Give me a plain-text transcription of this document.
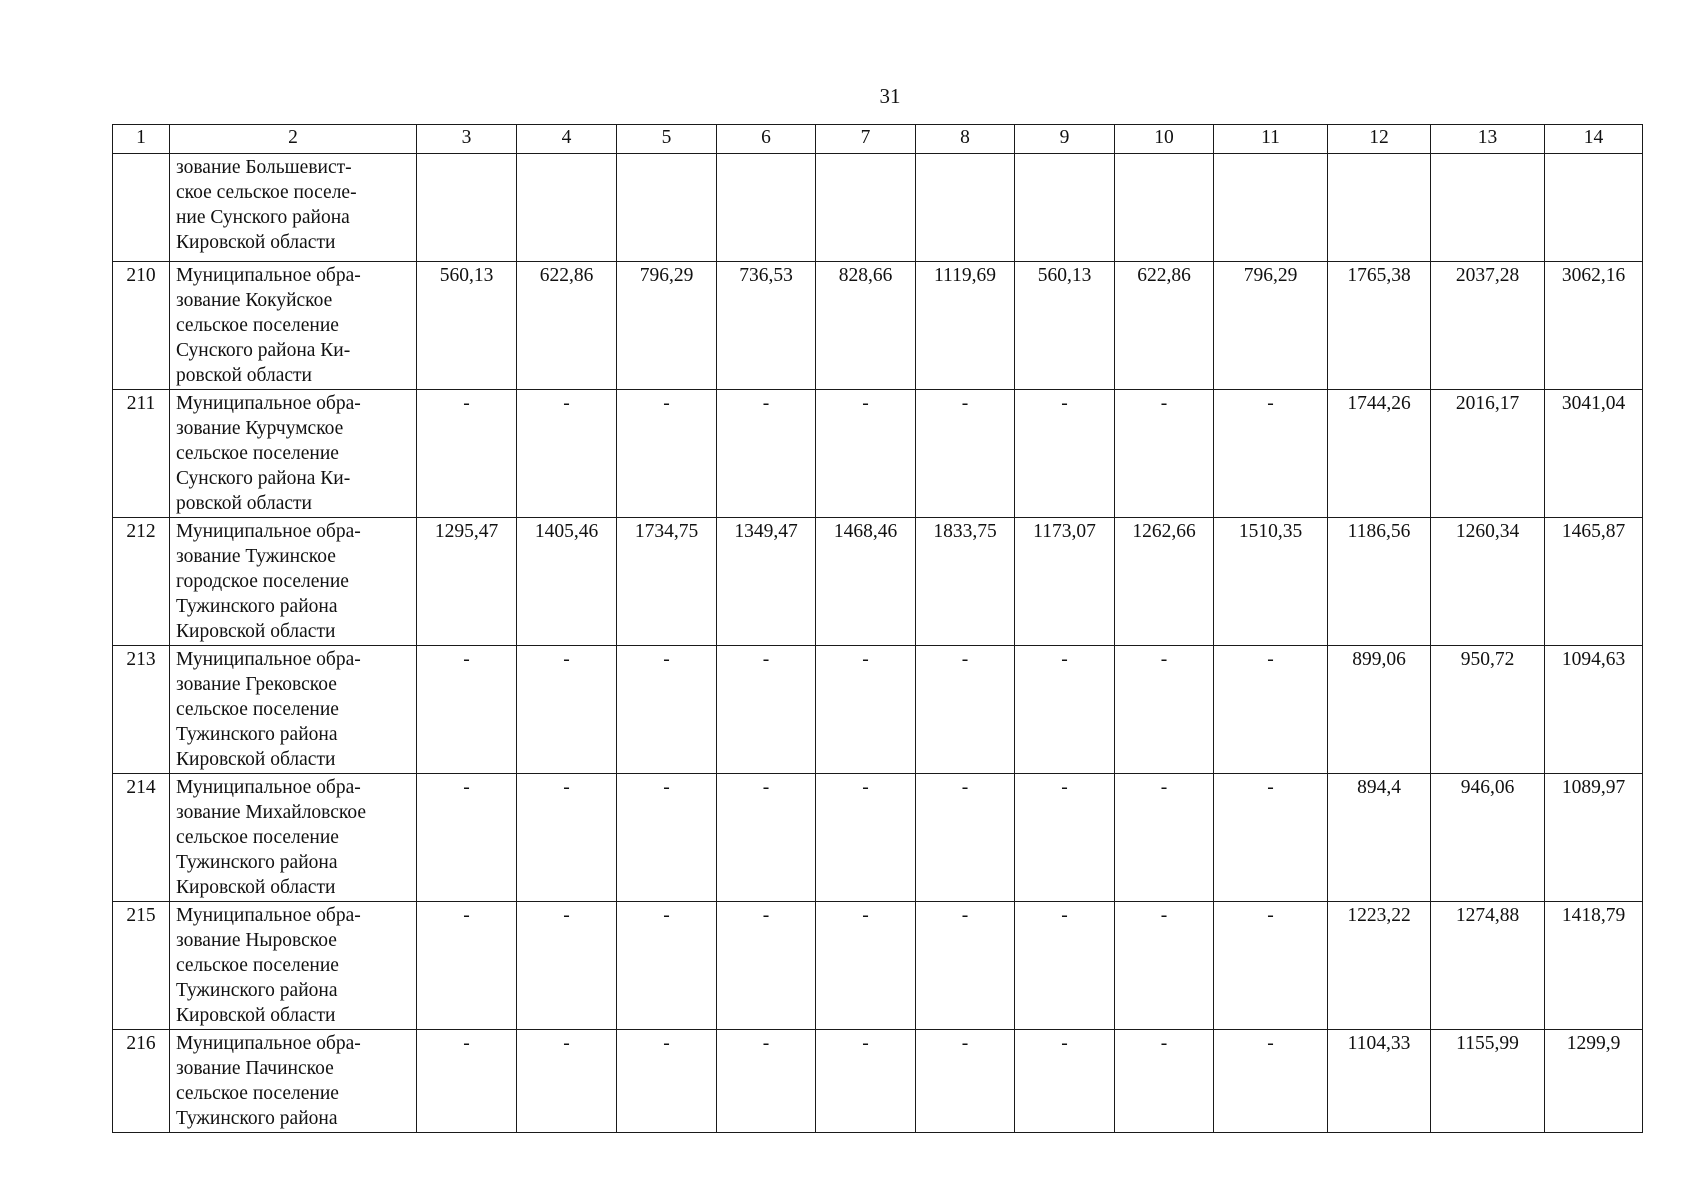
31
1	2	3	4	5	6	7	8	9	10	11	12	13	14
	зование Большевист-
ское сельское поселе-
ние Сунского района
Кировской области												
210	Муниципальное обра-
зование Кокуйское
сельское поселение
Сунского района Ки-
ровской области	560,13	622,86	796,29	736,53	828,66	1119,69	560,13	622,86	796,29	1765,38	2037,28	3062,16
211	Муниципальное обра-
зование Курчумское
сельское поселение
Сунского района Ки-
ровской области	-	-	-	-	-	-	-	-	-	1744,26	2016,17	3041,04
212	Муниципальное обра-
зование Тужинское
городское поселение
Тужинского района
Кировской области	1295,47	1405,46	1734,75	1349,47	1468,46	1833,75	1173,07	1262,66	1510,35	1186,56	1260,34	1465,87
213	Муниципальное обра-
зование Грековское
сельское поселение
Тужинского района
Кировской области	-	-	-	-	-	-	-	-	-	899,06	950,72	1094,63
214	Муниципальное обра-
зование Михайловское
сельское поселение
Тужинского района
Кировской области	-	-	-	-	-	-	-	-	-	894,4	946,06	1089,97
215	Муниципальное обра-
зование Ныровское
сельское поселение
Тужинского района
Кировской области	-	-	-	-	-	-	-	-	-	1223,22	1274,88	1418,79
216	Муниципальное обра-
зование Пачинское
сельское поселение
Тужинского района	-	-	-	-	-	-	-	-	-	1104,33	1155,99	1299,9
